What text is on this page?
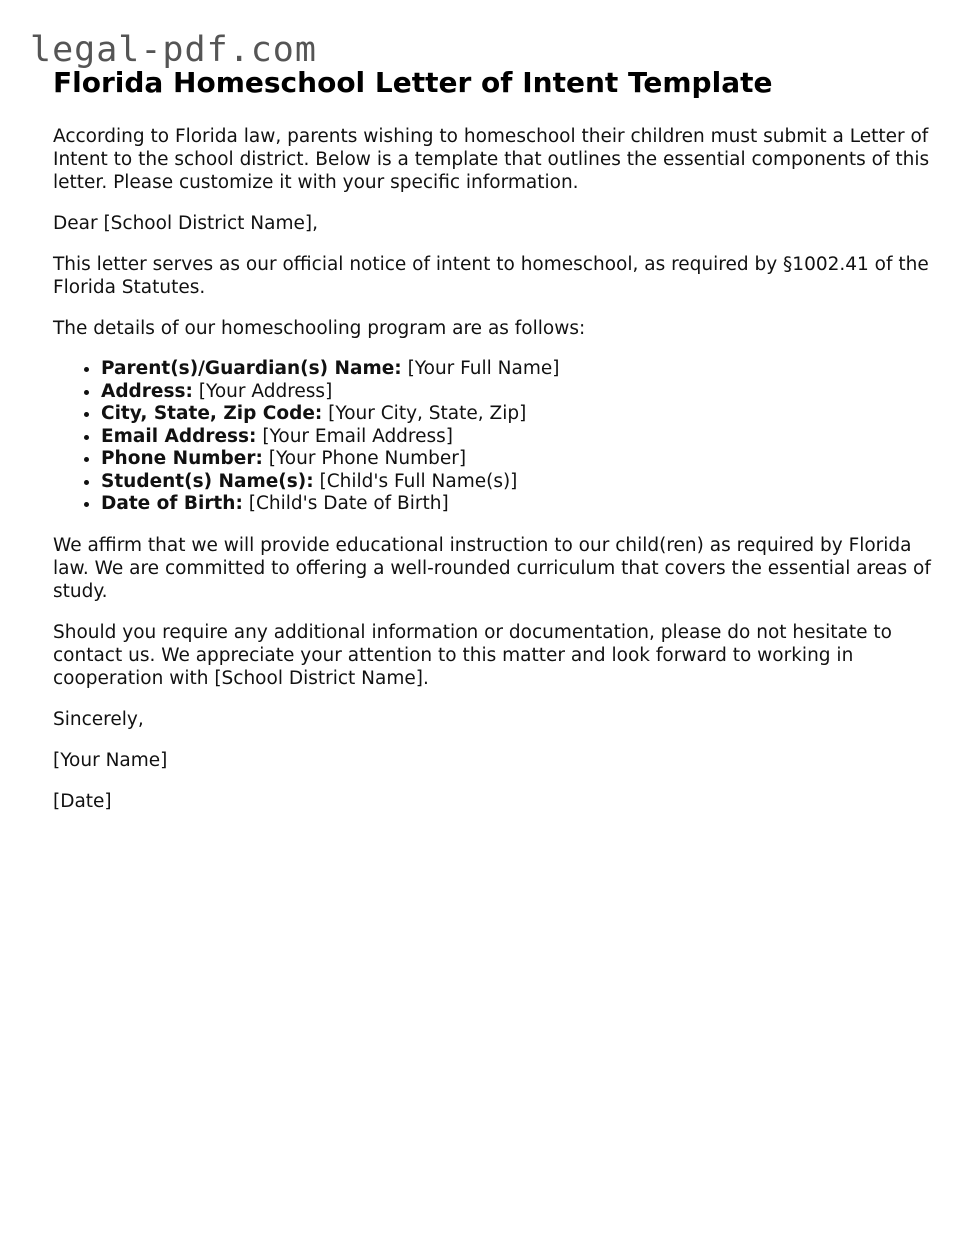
legal-pdf.com
Florida Homeschool Letter of Intent Template

According to Florida law, parents wishing to homeschool their children must submit a Letter of Intent to the school district. Below is a template that outlines the essential components of this letter. Please customize it with your specific information.

Dear [School District Name],

This letter serves as our official notice of intent to homeschool, as required by §1002.41 of the Florida Statutes.

The details of our homeschooling program are as follows:

• Parent(s)/Guardian(s) Name: [Your Full Name]
• Address: [Your Address]
• City, State, Zip Code: [Your City, State, Zip]
• Email Address: [Your Email Address]
• Phone Number: [Your Phone Number]
• Student(s) Name(s): [Child's Full Name(s)]
• Date of Birth: [Child's Date of Birth]

We affirm that we will provide educational instruction to our child(ren) as required by Florida law. We are committed to offering a well-rounded curriculum that covers the essential areas of study.

Should you require any additional information or documentation, please do not hesitate to contact us. We appreciate your attention to this matter and look forward to working in cooperation with [School District Name].

Sincerely,

[Your Name]

[Date]
